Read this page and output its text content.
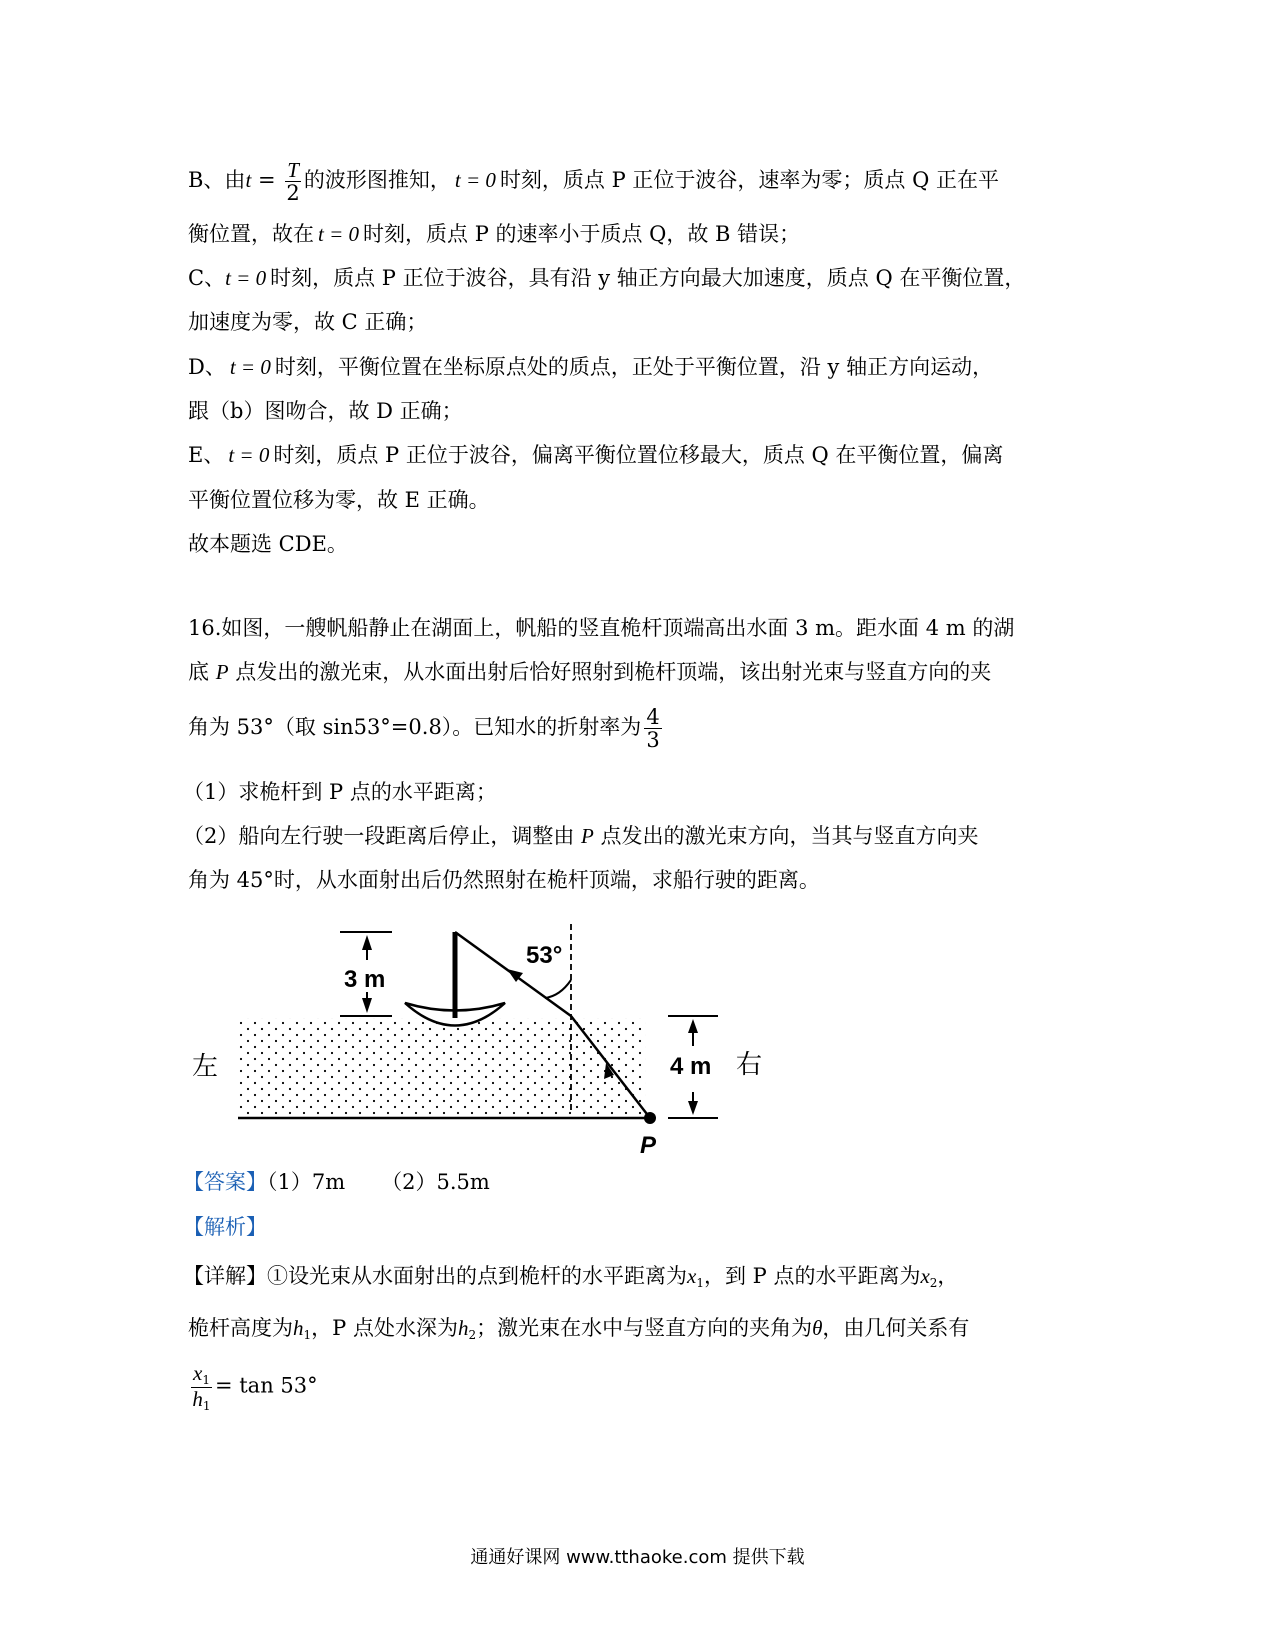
B、由$t = \frac{T}{2}$ 的波形图推知， t = 0 时刻，质点 P 正位于波谷，速率为零；质点 Q 正在平
衡位置，故在 t = 0 时刻，质点 P 的速率小于质点 Q，故 B 错误；
C、t = 0 时刻，质点 P 正位于波谷，具有沿 y 轴正方向最大加速度，质点 Q 在平衡位置，
加速度为零，故 C 正确；
D、 t = 0 时刻，平衡位置在坐标原点处的质点，正处于平衡位置，沿 y 轴正方向运动，
跟（b）图吻合，故 D 正确；
E、 t = 0 时刻，质点 P 正位于波谷，偏离平衡位置位移最大，质点 Q 在平衡位置，偏离
平衡位置位移为零，故 E 正确。
故本题选 CDE。
16.如图，一艘帆船静止在湖面上，帆船的竖直桅杆顶端高出水面 3 m。距水面 4 m 的湖
底 P 点发出的激光束，从水面出射后恰好照射到桅杆顶端，该出射光束与竖直方向的夹
角为 53°（取 sin53°=0.8）。已知水的折射率为 $\frac{4}{3}$
（1）求桅杆到 P 点的水平距离；
（2）船向左行驶一段距离后停止，调整由 P 点发出的激光束方向，当其与竖直方向夹
角为 45°时，从水面射出后仍然照射在桅杆顶端，求船行驶的距离。
3 m
4 m
53°
左	右
P
【答案】（1）7m （2）5.5m
【解析】
【详解】①设光束从水面射出的点到桅杆的水平距离为$x_1$，到 P 点的水平距离为$x_2$，
桅杆高度为$h_1$，P 点处水深为$h_2$；激光束在水中与竖直方向的夹角为θ，由几何关系有
$\frac{x_1}{h_1} = \tan 53^\circ$
通通好课网 www.tthaoke.com 提供下载
